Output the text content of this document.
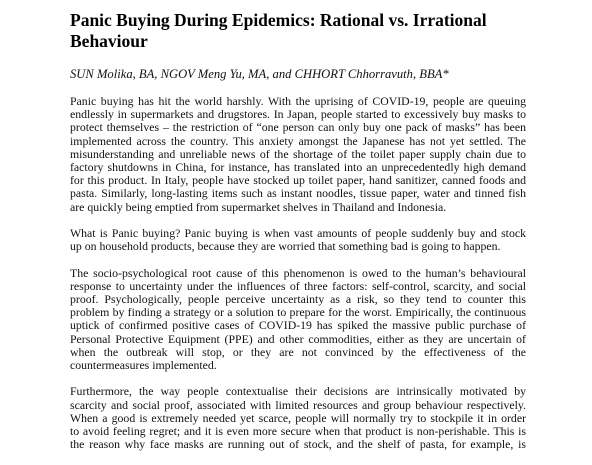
Panic Buying During Epidemics: Rational vs. Irrational
Behaviour
SUN Molika, BA, NGOV Meng Yu, MA, and CHHORT Chhorravuth, BBA*
Panic buying has hit the world harshly. With the uprising of COVID-19, people are queuing
endlessly in supermarkets and drugstores. In Japan, people started to excessively buy masks to
protect themselves – the restriction of “one person can only buy one pack of masks” has been
implemented across the country. This anxiety amongst the Japanese has not yet settled. The
misunderstanding and unreliable news of the shortage of the toilet paper supply chain due to
factory shutdowns in China, for instance, has translated into an unprecedentedly high demand
for this product. In Italy, people have stocked up toilet paper, hand sanitizer, canned foods and
pasta. Similarly, long-lasting items such as instant noodles, tissue paper, water and tinned fish
are quickly being emptied from supermarket shelves in Thailand and Indonesia.
What is Panic buying? Panic buying is when vast amounts of people suddenly buy and stock
up on household products, because they are worried that something bad is going to happen.
The socio-psychological root cause of this phenomenon is owed to the human’s behavioural
response to uncertainty under the influences of three factors: self-control, scarcity, and social
proof. Psychologically, people perceive uncertainty as a risk, so they tend to counter this
problem by finding a strategy or a solution to prepare for the worst. Empirically, the continuous
uptick of confirmed positive cases of COVID-19 has spiked the massive public purchase of
Personal Protective Equipment (PPE) and other commodities, either as they are uncertain of
when the outbreak will stop, or they are not convinced by the effectiveness of the
countermeasures implemented.
Furthermore, the way people contextualise their decisions are intrinsically motivated by
scarcity and social proof, associated with limited resources and group behaviour respectively.
When a good is extremely needed yet scarce, people will normally try to stockpile it in order
to avoid feeling regret; and it is even more secure when that product is non-perishable. This is
the reason why face masks are running out of stock, and the shelf of pasta, for example, is
